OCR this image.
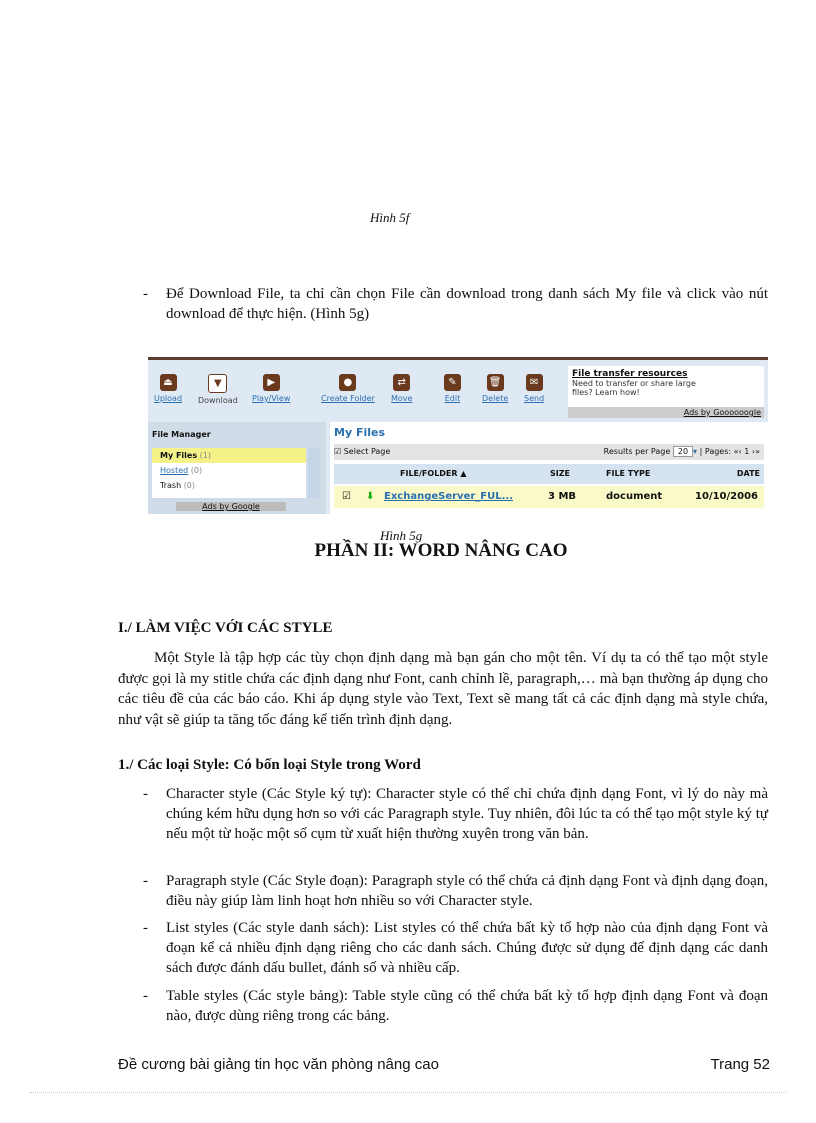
Hình 5f
- Để Download File, ta chỉ cần chọn File cần download trong danh sách My file và click vào nút download để thực hiện. (Hình 5g)
⏏
Upload
▼
Download
▶
Play/View
●
Create Folder
⇄
Move
✎
Edit
🗑
Delete
✉
Send
File transfer resources
Need to transfer or share large files? Learn how!
Ads by Goooooogle
File Manager
My Files (1)
Hosted (0)
Trash (0)
Ads by Google
My Files
☑ Select Page	Results per Page 20 ▾ | Pages: «‹ 1 ›»
FILE/FOLDER ▲	SIZE	FILE TYPE	DATE
☑ ⬇ ExchangeServer_FUL...	3 MB	document	10/10/2006
Hình 5g
PHẦN II: WORD NÂNG CAO
I./ LÀM VIỆC VỚI CÁC STYLE
Một Style là tập hợp các tùy chọn định dạng mà bạn gán cho một tên. Ví dụ ta có thể tạo một style được gọi là my stitle chứa các định dạng như Font, canh chỉnh lề, paragraph,… mà bạn thường áp dụng cho các tiêu đề của các báo cáo. Khi áp dụng style vào Text, Text sẽ mang tất cả các định dạng mà style chứa, như vật sẽ giúp ta tăng tốc đáng kể tiến trình định dạng.
1./ Các loại Style: Có bốn loại Style trong Word
- Character style (Các Style ký tự): Character style có thể chỉ chứa định dạng Font, vì lý do này mà chúng kém hữu dụng hơn so với các Paragraph style. Tuy nhiên, đôi lúc ta có thể tạo một style ký tự nếu một từ hoặc một số cụm từ xuất hiện thường xuyên trong văn bản.
- Paragraph style (Các Style đoạn): Paragraph style có thể chứa cả định dạng Font và định dạng đoạn, điều này giúp làm linh hoạt hơn nhiều so với Character style.
- List styles (Các style danh sách): List styles có thể chứa bất kỳ tổ hợp nào của định dạng Font và đoạn kể cả nhiều định dạng riêng cho các danh sách. Chúng được sử dụng để định dạng các danh sách được đánh dấu bullet, đánh số và nhiều cấp.
- Table styles (Các style bảng): Table style cũng có thể chứa bất kỳ tổ hợp định dạng Font và đoạn nào, được dùng riêng trong các bảng.
Đề cương bài giảng tin học văn phòng nâng cao	Trang 52
